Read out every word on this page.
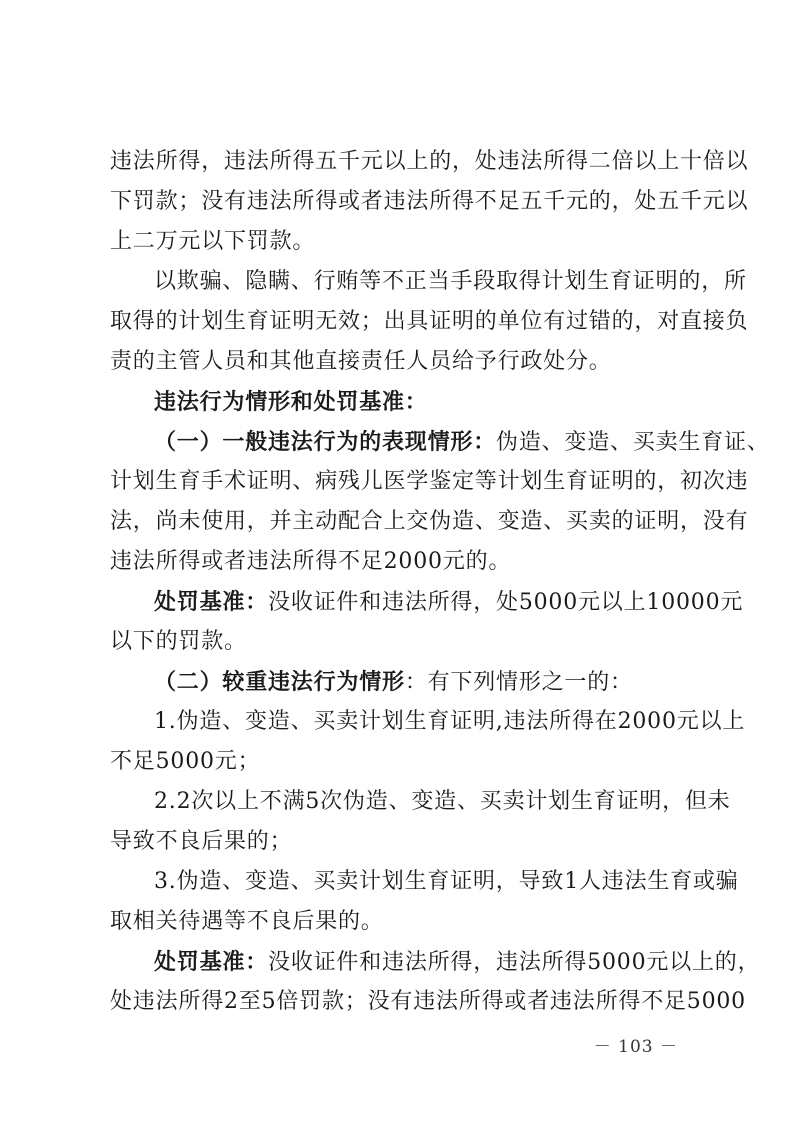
违法所得，违法所得五千元以上的，处违法所得二倍以上十倍以
下罚款；没有违法所得或者违法所得不足五千元的，处五千元以
上二万元以下罚款。
以欺骗、隐瞒、行贿等不正当手段取得计划生育证明的，所
取得的计划生育证明无效；出具证明的单位有过错的，对直接负
责的主管人员和其他直接责任人员给予行政处分。
违法行为情形和处罚基准：
（一）一般违法行为的表现情形：伪造、变造、买卖生育证、
计划生育手术证明、病残儿医学鉴定等计划生育证明的，初次违
法，尚未使用，并主动配合上交伪造、变造、买卖的证明，没有
违法所得或者违法所得不足2000元的。
处罚基准：没收证件和违法所得，处5000元以上10000元
以下的罚款。
（二）较重违法行为情形：有下列情形之一的：
1.伪造、变造、买卖计划生育证明,违法所得在2000元以上
不足5000元；
2.2次以上不满5次伪造、变造、买卖计划生育证明，但未
导致不良后果的；
3.伪造、变造、买卖计划生育证明，导致1人违法生育或骗
取相关待遇等不良后果的。
处罚基准：没收证件和违法所得，违法所得5000元以上的，
处违法所得2至5倍罚款；没有违法所得或者违法所得不足5000
－ 103 －
